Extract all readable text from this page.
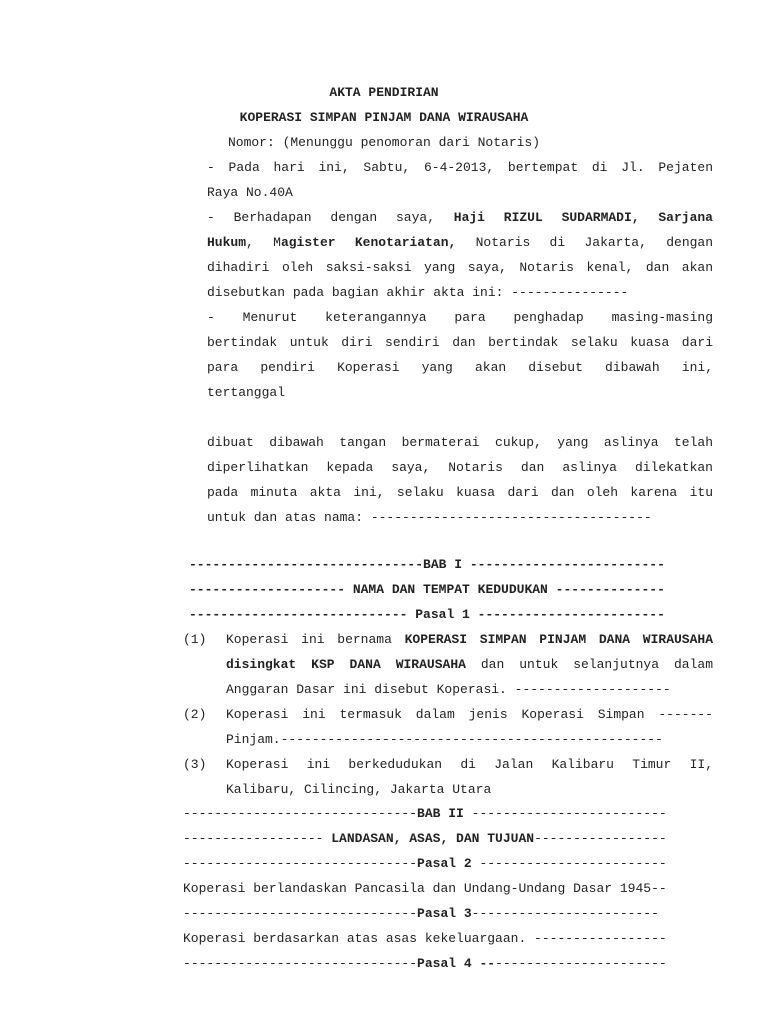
AKTA PENDIRIAN
KOPERASI SIMPAN PINJAM DANA WIRAUSAHA
Nomor: (Menunggu penomoran dari Notaris)
- Pada hari ini, Sabtu, 6-4-2013, bertempat di Jl. Pejaten
Raya No.40A
- Berhadapan dengan saya, Haji RIZUL SUDARMADI, Sarjana
Hukum, Magister Kenotariatan, Notaris di Jakarta, dengan
dihadiri oleh saksi-saksi yang saya, Notaris kenal, dan akan
disebutkan pada bagian akhir akta ini: ---------------
- Menurut keterangannya para penghadap masing-masing
bertindak untuk diri sendiri dan bertindak selaku kuasa dari
para pendiri Koperasi yang akan disebut dibawah ini,
tertanggal
dibuat dibawah tangan bermaterai cukup, yang aslinya telah
diperlihatkan kepada saya, Notaris dan aslinya dilekatkan
pada minuta akta ini, selaku kuasa dari dan oleh karena itu
untuk dan atas nama: ------------------------------------
------------------------------BAB I -------------------------
-------------------- NAMA DAN TEMPAT KEDUDUKAN --------------
---------------------------- Pasal 1 ------------------------
(1) Koperasi ini bernama KOPERASI SIMPAN PINJAM DANA WIRAUSAHA
disingkat KSP DANA WIRAUSAHA dan untuk selanjutnya dalam
Anggaran Dasar ini disebut Koperasi. --------------------
(2) Koperasi ini termasuk dalam jenis Koperasi Simpan -------
Pinjam.-------------------------------------------------
(3) Koperasi ini berkedudukan di Jalan Kalibaru Timur II,
Kalibaru, Cilincing, Jakarta Utara
------------------------------BAB II -------------------------
------------------ LANDASAN, ASAS, DAN TUJUAN-----------------
------------------------------Pasal 2 ------------------------
Koperasi berlandaskan Pancasila dan Undang-Undang Dasar 1945--
------------------------------Pasal 3------------------------
Koperasi berdasarkan atas asas kekeluargaan. -----------------
------------------------------Pasal 4 ------------------------
